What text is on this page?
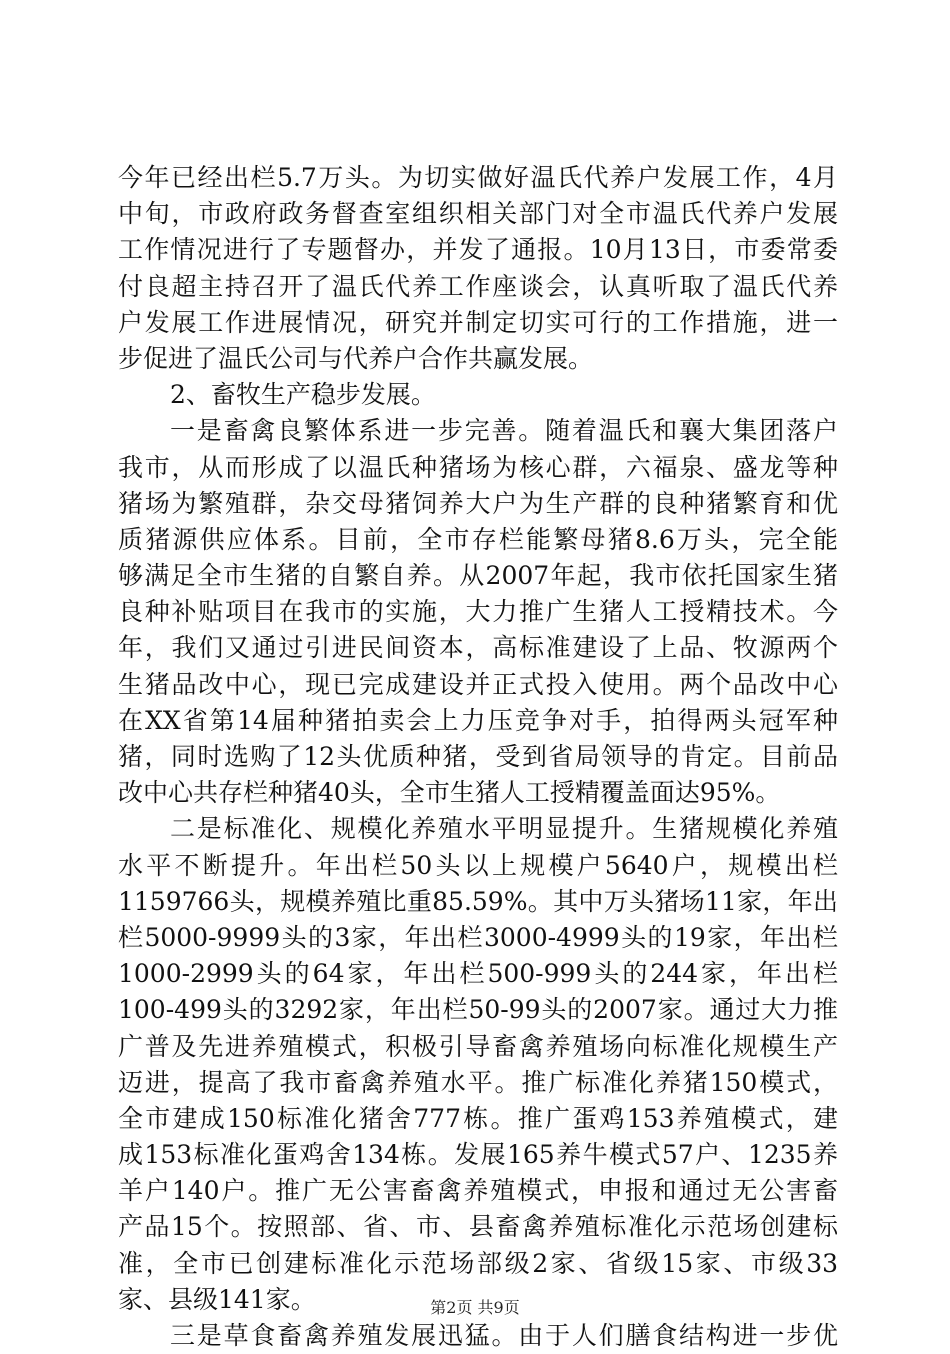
今年已经出栏5.7万头。为切实做好温氏代养户发展工作，4月
中旬，市政府政务督查室组织相关部门对全市温氏代养户发展
工作情况进行了专题督办，并发了通报。10月13日，市委常委
付良超主持召开了温氏代养工作座谈会，认真听取了温氏代养
户发展工作进展情况，研究并制定切实可行的工作措施，进一
步促进了温氏公司与代养户合作共赢发展。
2、畜牧生产稳步发展。
一是畜禽良繁体系进一步完善。随着温氏和襄大集团落户
我市，从而形成了以温氏种猪场为核心群，六福泉、盛龙等种
猪场为繁殖群，杂交母猪饲养大户为生产群的良种猪繁育和优
质猪源供应体系。目前，全市存栏能繁母猪8.6万头，完全能
够满足全市生猪的自繁自养。从2007年起，我市依托国家生猪
良种补贴项目在我市的实施，大力推广生猪人工授精技术。今
年，我们又通过引进民间资本，高标准建设了上品、牧源两个
生猪品改中心，现已完成建设并正式投入使用。两个品改中心
在XX省第14届种猪拍卖会上力压竞争对手，拍得两头冠军种
猪，同时选购了12头优质种猪，受到省局领导的肯定。目前品
改中心共存栏种猪40头，全市生猪人工授精覆盖面达95%。
二是标准化、规模化养殖水平明显提升。生猪规模化养殖
水平不断提升。年出栏50头以上规模户5640户，规模出栏
1159766头，规模养殖比重85.59%。其中万头猪场11家，年出
栏5000-9999头的3家，年出栏3000-4999头的19家，年出栏
1000-2999头的64家，年出栏500-999头的244家，年出栏
100-499头的3292家，年出栏50-99头的2007家。通过大力推
广普及先进养殖模式，积极引导畜禽养殖场向标准化规模生产
迈进，提高了我市畜禽养殖水平。推广标准化养猪150模式，
全市建成150标准化猪舍777栋。推广蛋鸡153养殖模式，建
成153标准化蛋鸡舍134栋。发展165养牛模式57户、1235养
羊户140户。推广无公害畜禽养殖模式，申报和通过无公害畜
产品15个。按照部、省、市、县畜禽养殖标准化示范场创建标
准，全市已创建标准化示范场部级2家、省级15家、市级33
家、县级141家。
三是草食畜禽养殖发展迅猛。由于人们膳食结构进一步优
第2页 共9页
